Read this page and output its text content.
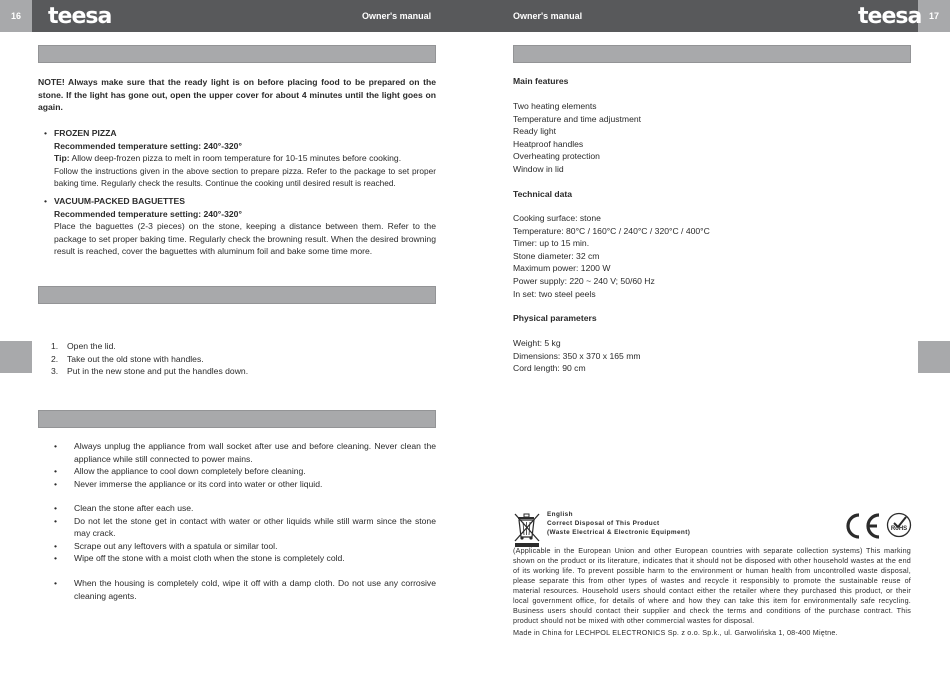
16	17
teesa	teesa
Owner's manual	Owner's manual
NOTE! Always make sure that the ready light is on before placing food to be prepared on the stone. If the light has gone out, open the upper cover for about 4 minutes until the light goes on again.
• FROZEN PIZZA
Recommended temperature setting: 240°-320°
Tip: Allow deep-frozen pizza to melt in room temperature for 10-15 minutes before cooking.
Follow the instructions given in the above section to prepare pizza. Refer to the package to set proper baking time. Regularly check the results. Continue the cooking until desired result is reached.
• VACUUM-PACKED BAGUETTES
Recommended temperature setting: 240°-320°
Place the baguettes (2-3 pieces) on the stone, keeping a distance between them. Refer to the package to set proper baking time. Regularly check the browning result. When the desired browning result is reached, cover the baguettes with aluminum foil and bake some time more.
1. Open the lid.
2. Take out the old stone with handles.
3. Put in the new stone and put the handles down.
• Always unplug the appliance from wall socket after use and before cleaning. Never clean the appliance while still connected to power mains.
• Allow the appliance to cool down completely before cleaning.
• Never immerse the appliance or its cord into water or other liquid.
• Clean the stone after each use.
• Do not let the stone get in contact with water or other liquids while still warm since the stone may crack.
• Scrape out any leftovers with a spatula or similar tool.
• Wipe off the stone with a moist cloth when the stone is completely cold.
• When the housing is completely cold, wipe it off with a damp cloth. Do not use any corrosive cleaning agents.
Main features
Two heating elements
Temperature and time adjustment
Ready light
Heatproof handles
Overheating protection
Window in lid
Technical data
Cooking surface: stone
Temperature: 80°C / 160°C / 240°C / 320°C / 400°C
Timer: up to 15 min.
Stone diameter: 32 cm
Maximum power: 1200 W
Power supply: 220 ~ 240 V; 50/60 Hz
In set: two steel peels
Physical parameters
Weight: 5 kg
Dimensions: 350 x 370 x 165 mm
Cord length: 90 cm
English
Correct Disposal of This Product
(Waste Electrical & Electronic Equipment)	RoHS
(Applicable in the European Union and other European countries with separate collection systems) This marking shown on the product or its literature, indicates that it should not be disposed with other household wastes at the end of its working life. To prevent possible harm to the environment or human health from uncontrolled waste disposal, please separate this from other types of wastes and recycle it responsibly to promote the sustainable reuse of material resources. Household users should contact either the retailer where they purchased this product, or their local government office, for details of where and how they can take this item for environmentally safe recycling. Business users should contact their supplier and check the terms and conditions of the purchase contract. This product should not be mixed with other commercial wastes for disposal.
Made in China for LECHPOL ELECTRONICS Sp. z o.o. Sp.k., ul. Garwolińska 1, 08-400 Miętne.
